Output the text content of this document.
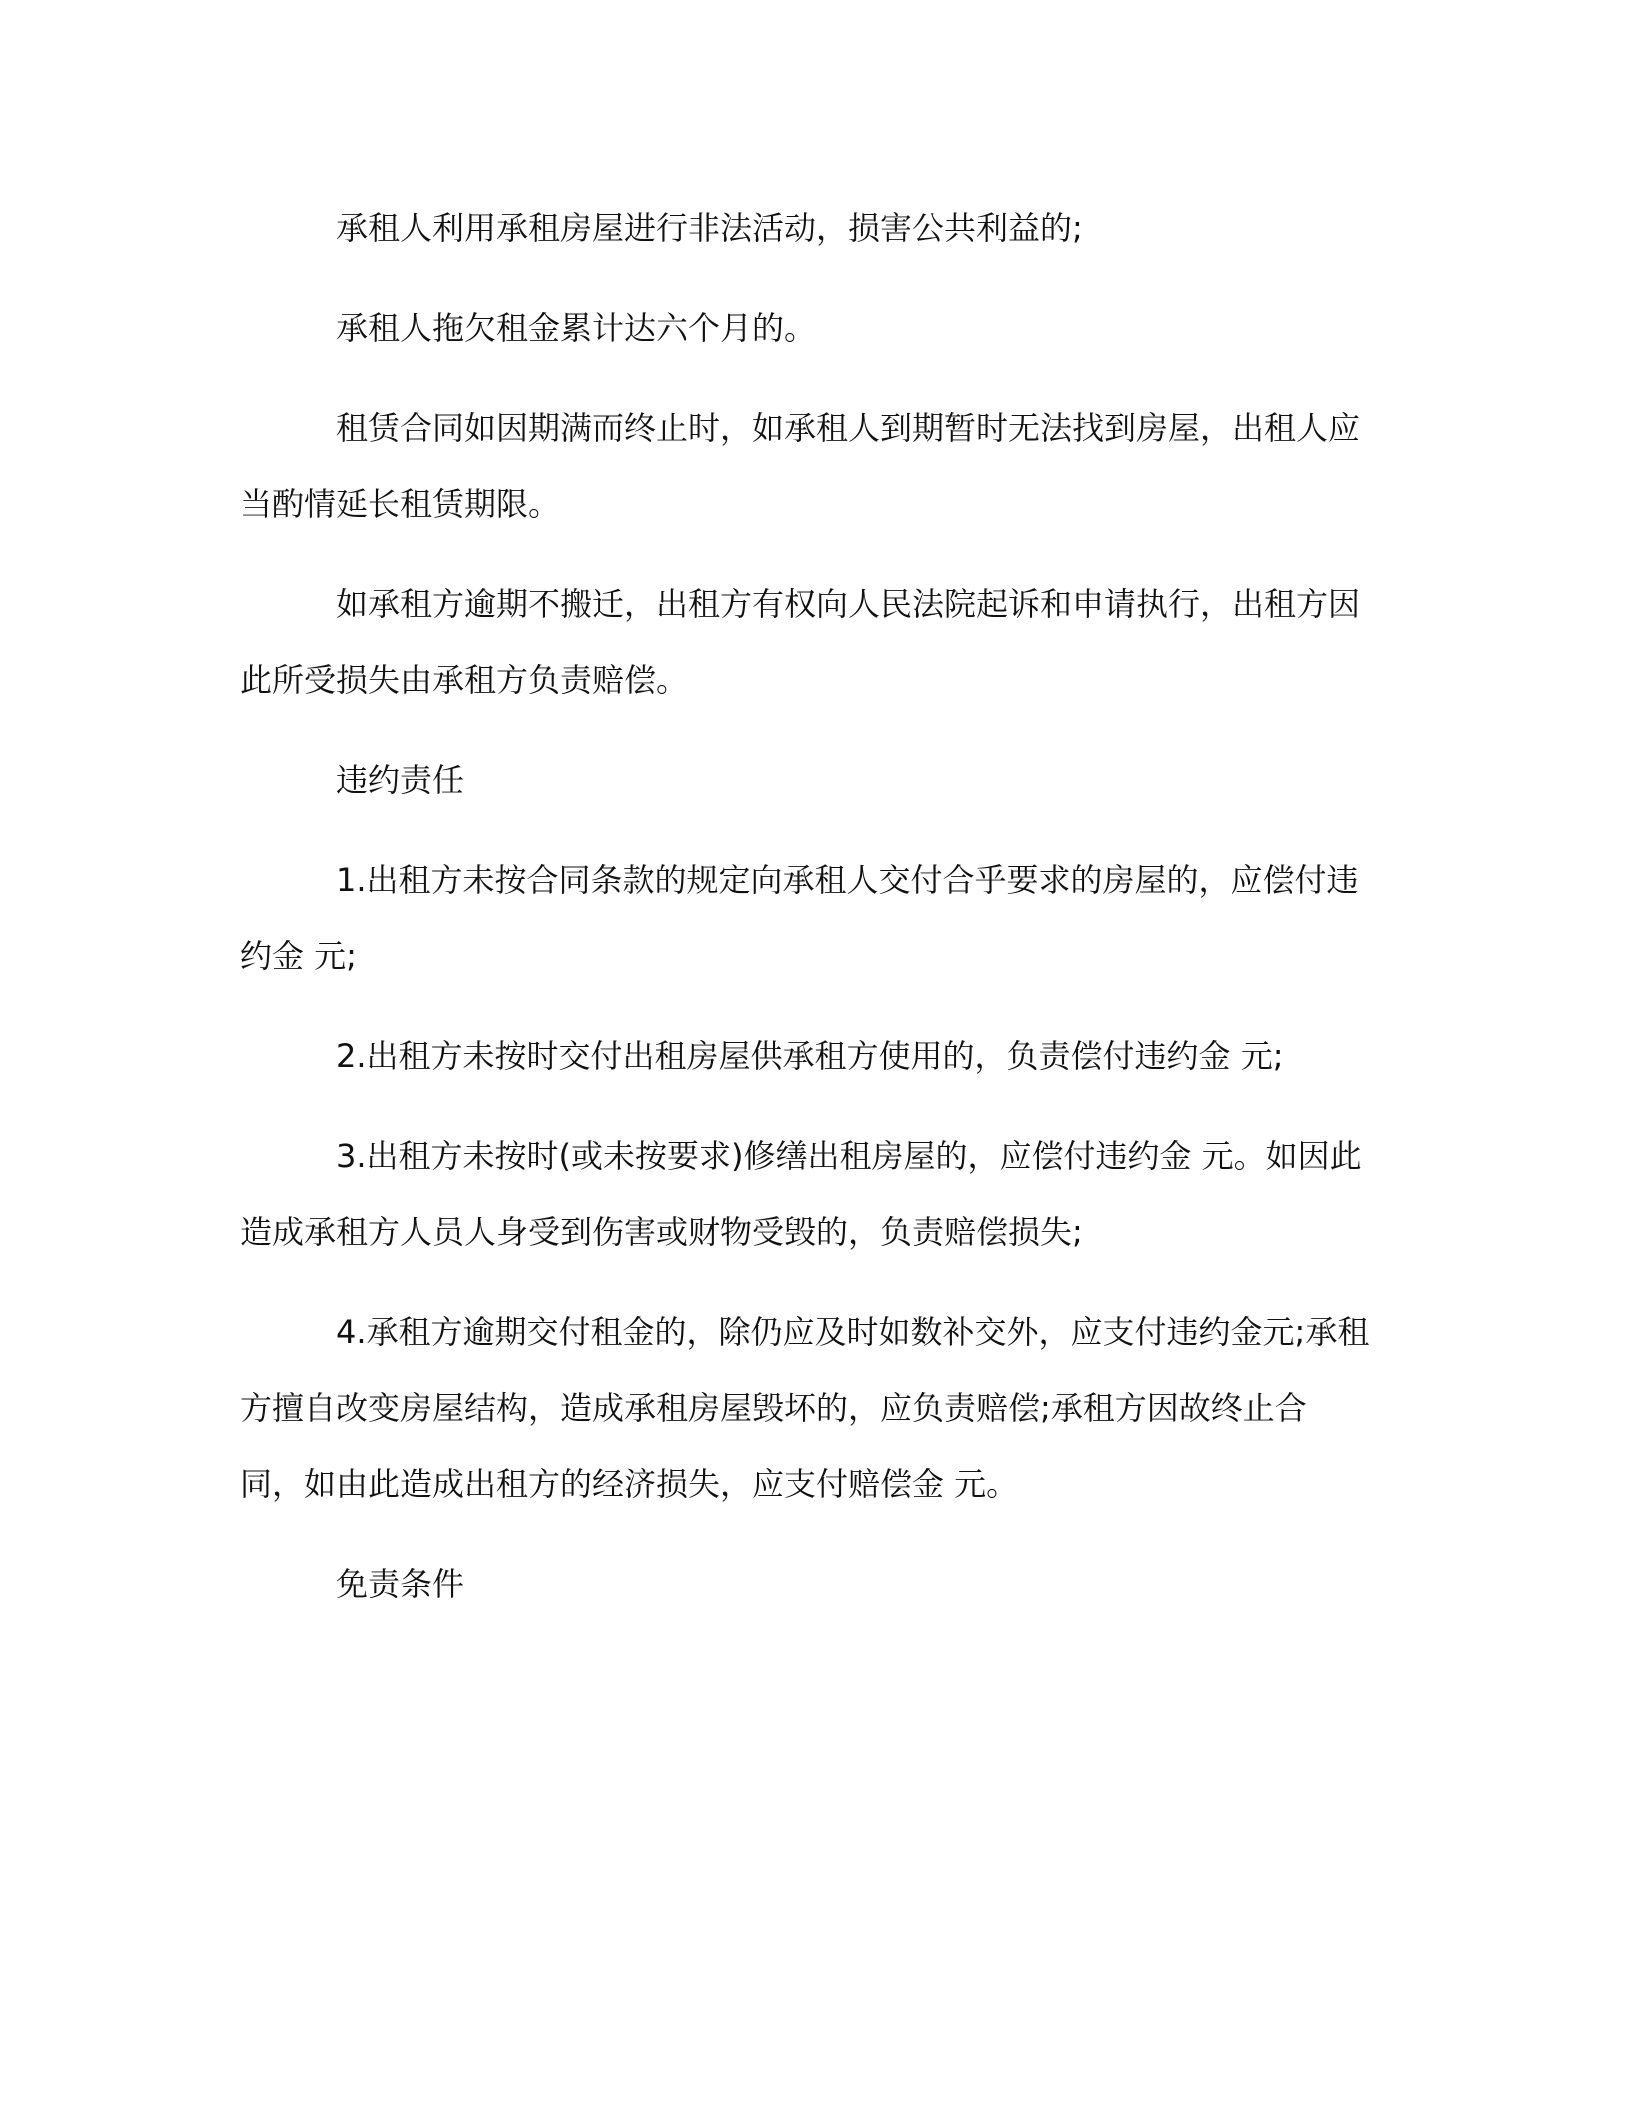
承租人利用承租房屋进行非法活动，损害公共利益的;

承租人拖欠租金累计达六个月的。

租赁合同如因期满而终止时，如承租人到期暂时无法找到房屋，出租人应当酌情延长租赁期限。

如承租方逾期不搬迁，出租方有权向人民法院起诉和申请执行，出租方因此所受损失由承租方负责赔偿。

违约责任

1.出租方未按合同条款的规定向承租人交付合乎要求的房屋的，应偿付违约金 元;

2.出租方未按时交付出租房屋供承租方使用的，负责偿付违约金 元;

3.出租方未按时(或未按要求)修缮出租房屋的，应偿付违约金 元。如因此造成承租方人员人身受到伤害或财物受毁的，负责赔偿损失;

4.承租方逾期交付租金的，除仍应及时如数补交外，应支付违约金元;承租方擅自改变房屋结构，造成承租房屋毁坏的，应负责赔偿;承租方因故终止合同，如由此造成出租方的经济损失，应支付赔偿金 元。

免责条件
